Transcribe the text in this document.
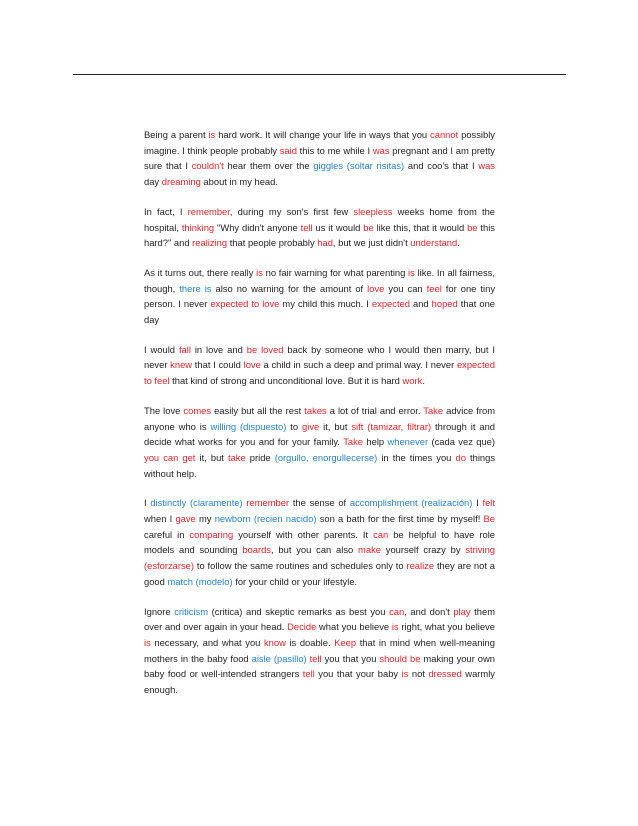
Being a parent is hard work. It will change your life in ways that you cannot possibly imagine. I think people probably said this to me while I was pregnant and I am pretty sure that I couldn't hear them over the giggles (soltar risitas) and coo's that I was day dreaming about in my head.

In fact, I remember, during my son's first few sleepless weeks home from the hospital, thinking "Why didn't anyone tell us it would be like this, that it would be this hard?" and realizing that people probably had, but we just didn't understand.

As it turns out, there really is no fair warning for what parenting is like. In all fairness, though, there is also no warning for the amount of love you can feel for one tiny person. I never expected to love my child this much. I expected and hoped that one day

I would fall in love and be loved back by someone who I would then marry, but I never knew that I could love a child in such a deep and primal way. I never expected to feel that kind of strong and unconditional love. But it is hard work.

The love comes easily but all the rest takes a lot of trial and error. Take advice from anyone who is willing (dispuesto) to give it, but sift (tamizar, filtrar) through it and decide what works for you and for your family. Take help whenever (cada vez que) you can get it, but take pride (orgullo, enorgullecerse) in the times you do things without help.

I distinctly (claramente) remember the sense of accomplishment (realización) I felt when I gave my newborn (recien nacido) son a bath for the first time by myself! Be careful in comparing yourself with other parents. It can be helpful to have role models and sounding boards, but you can also make yourself crazy by striving (esforzarse) to follow the same routines and schedules only to realize they are not a good match (modelo) for your child or your lifestyle.

Ignore criticism (critica) and skeptic remarks as best you can, and don't play them over and over again in your head. Decide what you believe is right, what you believe is necessary, and what you know is doable. Keep that in mind when well-meaning mothers in the baby food aisle (pasillo) tell you that you should be making your own baby food or well-intended strangers tell you that your baby is not dressed warmly enough.
